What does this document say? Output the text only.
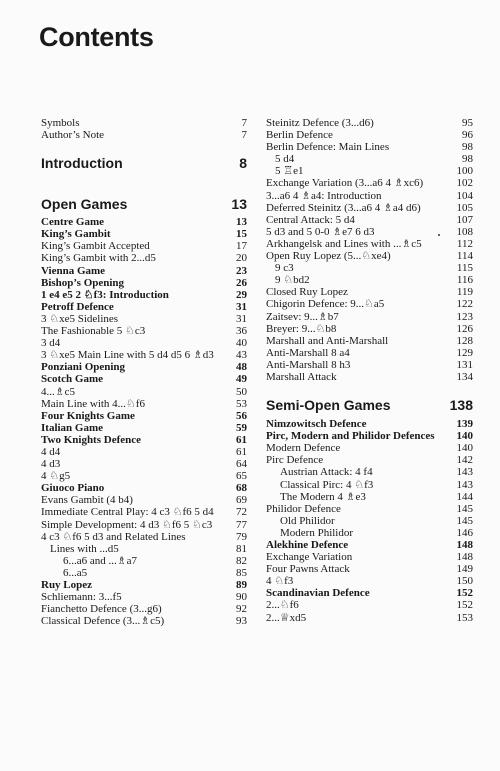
Contents
Symbols	7
Author’s Note	7
Introduction	8
Open Games	13
Centre Game	13
King’s Gambit	15
King’s Gambit Accepted	17
King’s Gambit with 2...d5	20
Vienna Game	23
Bishop’s Opening	26
1 e4 e5 2 ♘f3: Introduction	29
Petroff Defence	31
3 ♘xe5 Sidelines	31
The Fashionable 5 ♘c3	36
3 d4	40
3 ♘xe5 Main Line with 5 d4 d5 6 ♗d3 43
Ponziani Opening	48
Scotch Game	49
4...♗c5	50
Main Line with 4...♘f6	53
Four Knights Game	56
Italian Game	59
Two Knights Defence	61
4 d4	61
4 d3	64
4 ♘g5	65
Giuoco Piano	68
Evans Gambit (4 b4)	69
Immediate Central Play: 4 c3 ♘f6 5 d4 72
Simple Development: 4 d3 ♘f6 5 ♘c3 77
4 c3 ♘f6 5 d3 and Related Lines	79
Lines with ...d5	81
6...a6 and ...♗a7	82
6...a5	85
Ruy Lopez	89
Schliemann: 3...f5	90
Fianchetto Defence (3...g6)	92
Classical Defence (3...♗c5)	93
Steinitz Defence (3...d6)	95
Berlin Defence	96
Berlin Defence: Main Lines	98
5 d4	98
5 ♖e1	100
Exchange Variation (3...a6 4 ♗xc6)	102
3...a6 4 ♗a4: Introduction	104
Deferred Steinitz (3...a6 4 ♗a4 d6)	105
Central Attack: 5 d4	107
5 d3 and 5 0-0 ♗e7 6 d3	108
Arkhangelsk and Lines with ...♗c5	112
Open Ruy Lopez (5...♘xe4)	114
9 c3	115
9 ♘bd2	116
Closed Ruy Lopez	119
Chigorin Defence: 9...♘a5	122
Zaitsev: 9...♗b7	123
Breyer: 9...♘b8	126
Marshall and Anti-Marshall	128
Anti-Marshall 8 a4	129
Anti-Marshall 8 h3	131
Marshall Attack	134
Semi-Open Games	138
Nimzowitsch Defence	139
Pirc, Modern and Philidor Defences 140
Modern Defence	140
Pirc Defence	142
Austrian Attack: 4 f4	143
Classical Pirc: 4 ♘f3	143
The Modern 4 ♗e3	144
Philidor Defence	145
Old Philidor	145
Modern Philidor	146
Alekhine Defence	148
Exchange Variation	148
Four Pawns Attack	149
4 ♘f3	150
Scandinavian Defence	152
2...♘f6	152
2...♕xd5	153
